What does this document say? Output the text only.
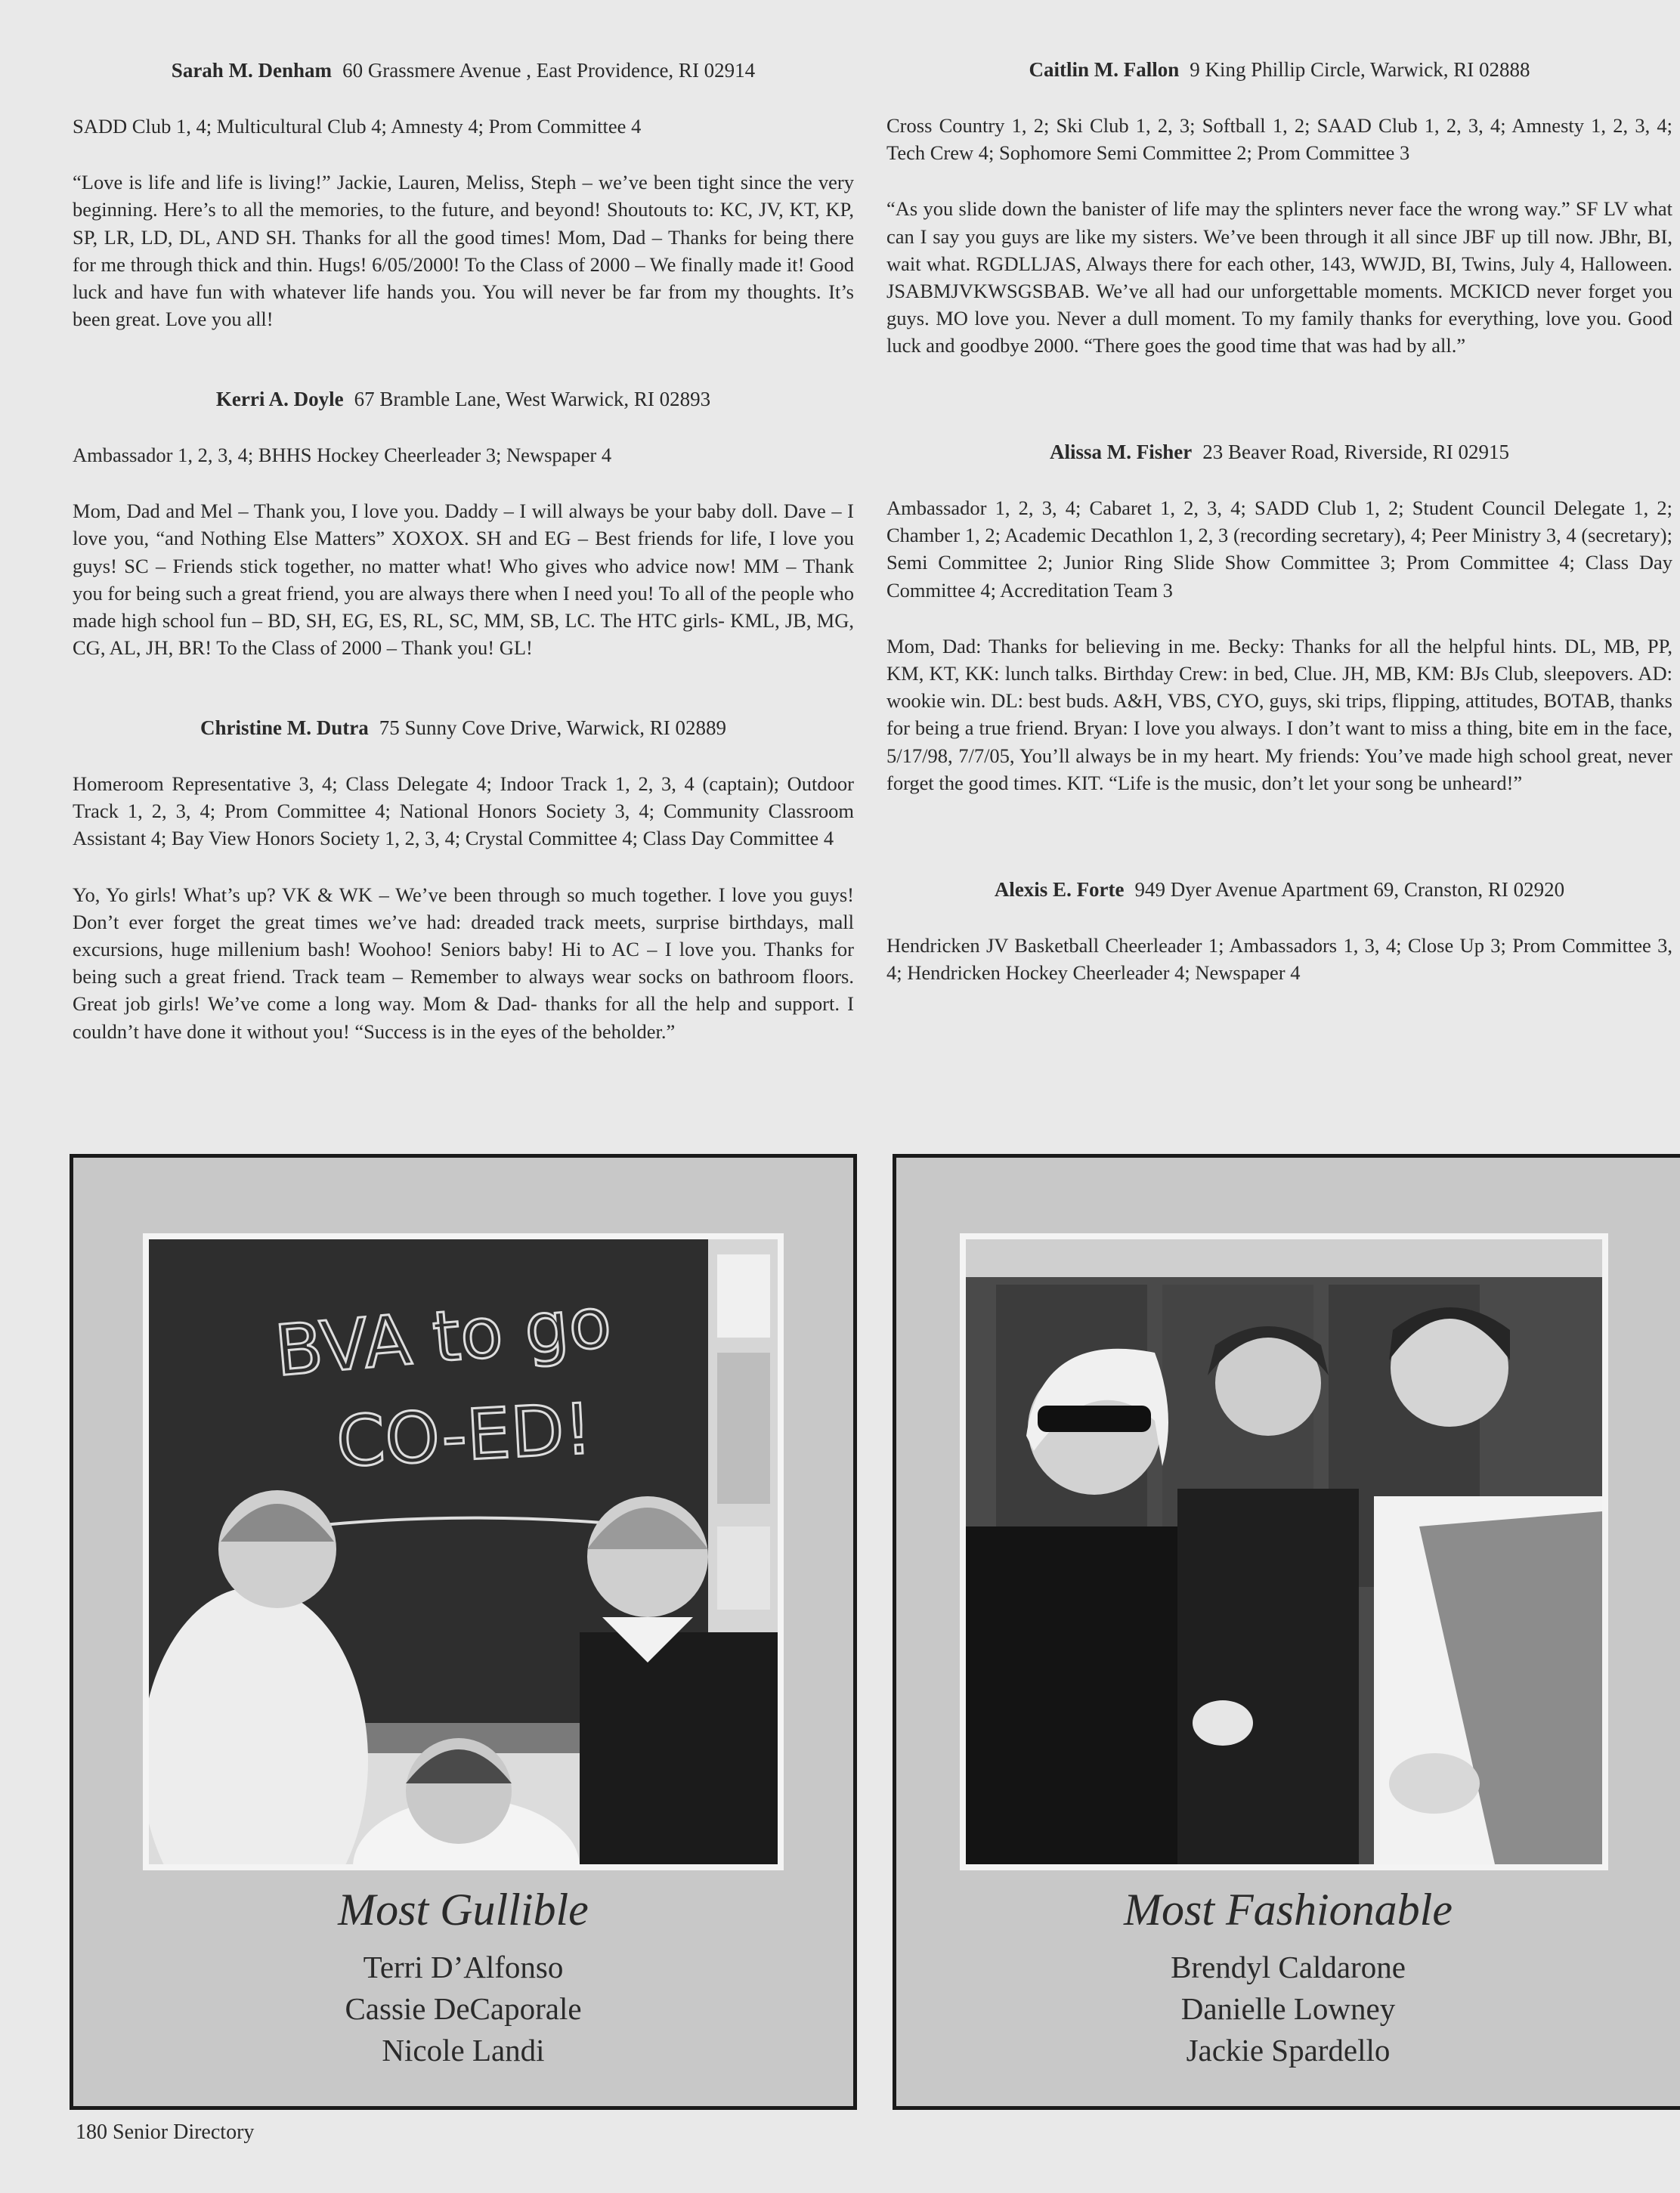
Sarah M. Denham 60 Grassmere Avenue , East Providence, RI 02914

SADD Club 1, 4; Multicultural Club 4; Amnesty 4; Prom Committee 4

“Love is life and life is living!” Jackie, Lauren, Meliss, Steph – we’ve been tight since the very beginning. Here’s to all the memories, to the future, and beyond! Shoutouts to: KC, JV, KT, KP, SP, LR, LD, DL, AND SH. Thanks for all the good times! Mom, Dad – Thanks for being there for me through thick and thin. Hugs! 6/05/2000! To the Class of 2000 – We finally made it! Good luck and have fun with whatever life hands you. You will never be far from my thoughts. It’s been great. Love you all!

Kerri A. Doyle 67 Bramble Lane, West Warwick, RI 02893

Ambassador 1, 2, 3, 4; BHHS Hockey Cheerleader 3; Newspaper 4

Mom, Dad and Mel – Thank you, I love you. Daddy – I will always be your baby doll. Dave – I love you, “and Nothing Else Matters” XOXOX. SH and EG – Best friends for life, I love you guys! SC – Friends stick together, no matter what! Who gives who advice now! MM – Thank you for being such a great friend, you are always there when I need you! To all of the people who made high school fun – BD, SH, EG, ES, RL, SC, MM, SB, LC. The HTC girls- KML, JB, MG, CG, AL, JH, BR! To the Class of 2000 – Thank you! GL!

Christine M. Dutra 75 Sunny Cove Drive, Warwick, RI 02889

Homeroom Representative 3, 4; Class Delegate 4; Indoor Track 1, 2, 3, 4 (captain); Outdoor Track 1, 2, 3, 4; Prom Committee 4; National Honors Society 3, 4; Community Classroom Assistant 4; Bay View Honors Society 1, 2, 3, 4; Crystal Committee 4; Class Day Committee 4

Yo, Yo girls! What’s up? VK & WK – We’ve been through so much together. I love you guys! Don’t ever forget the great times we’ve had: dreaded track meets, surprise birthdays, mall excursions, huge millenium bash! Woohoo! Seniors baby! Hi to AC – I love you. Thanks for being such a great friend. Track team – Remember to always wear socks on bathroom floors. Great job girls! We’ve come a long way. Mom & Dad- thanks for all the help and support. I couldn’t have done it without you! “Success is in the eyes of the beholder.”

Caitlin M. Fallon 9 King Phillip Circle, Warwick, RI 02888

Cross Country 1, 2; Ski Club 1, 2, 3; Softball 1, 2; SAAD Club 1, 2, 3, 4; Amnesty 1, 2, 3, 4; Tech Crew 4; Sophomore Semi Committee 2; Prom Committee 3

“As you slide down the banister of life may the splinters never face the wrong way.” SF LV what can I say you guys are like my sisters. We’ve been through it all since JBF up till now. JBhr, BI, wait what. RGDLLJAS, Always there for each other, 143, WWJD, BI, Twins, July 4, Halloween. JSABMJVKWSGSBAB. We’ve all had our unforgettable moments. MCKICD never forget you guys. MO love you. Never a dull moment. To my family thanks for everything, love you. Good luck and goodbye 2000. “There goes the good time that was had by all.”

Alissa M. Fisher 23 Beaver Road, Riverside, RI 02915

Ambassador 1, 2, 3, 4; Cabaret 1, 2, 3, 4; SADD Club 1, 2; Student Council Delegate 1, 2; Chamber 1, 2; Academic Decathlon 1, 2, 3 (recording secretary), 4; Peer Ministry 3, 4 (secretary); Semi Committee 2; Junior Ring Slide Show Committee 3; Prom Committee 4; Class Day Committee 4; Accreditation Team 3

Mom, Dad: Thanks for believing in me. Becky: Thanks for all the helpful hints. DL, MB, PP, KM, KT, KK: lunch talks. Birthday Crew: in bed, Clue. JH, MB, KM: BJs Club, sleepovers. AD: wookie win. DL: best buds. A&H, VBS, CYO, guys, ski trips, flipping, attitudes, BOTAB, thanks for being a true friend. Bryan: I love you always. I don’t want to miss a thing, bite em in the face, 5/17/98, 7/7/05, You’ll always be in my heart. My friends: You’ve made high school great, never forget the good times. KIT. “Life is the music, don’t let your song be unheard!”

Alexis E. Forte 949 Dyer Avenue Apartment 69, Cranston, RI 02920

Hendricken JV Basketball Cheerleader 1; Ambassadors 1, 3, 4; Close Up 3; Prom Committee 3, 4; Hendricken Hockey Cheerleader 4; Newspaper 4

BVA to go
CO-ED!

Most Gullible

Terri D’Alfonso

Cassie DeCaporale

Nicole Landi

Most Fashionable

Brendyl Caldarone

Danielle Lowney

Jackie Spardello

180 Senior Directory
